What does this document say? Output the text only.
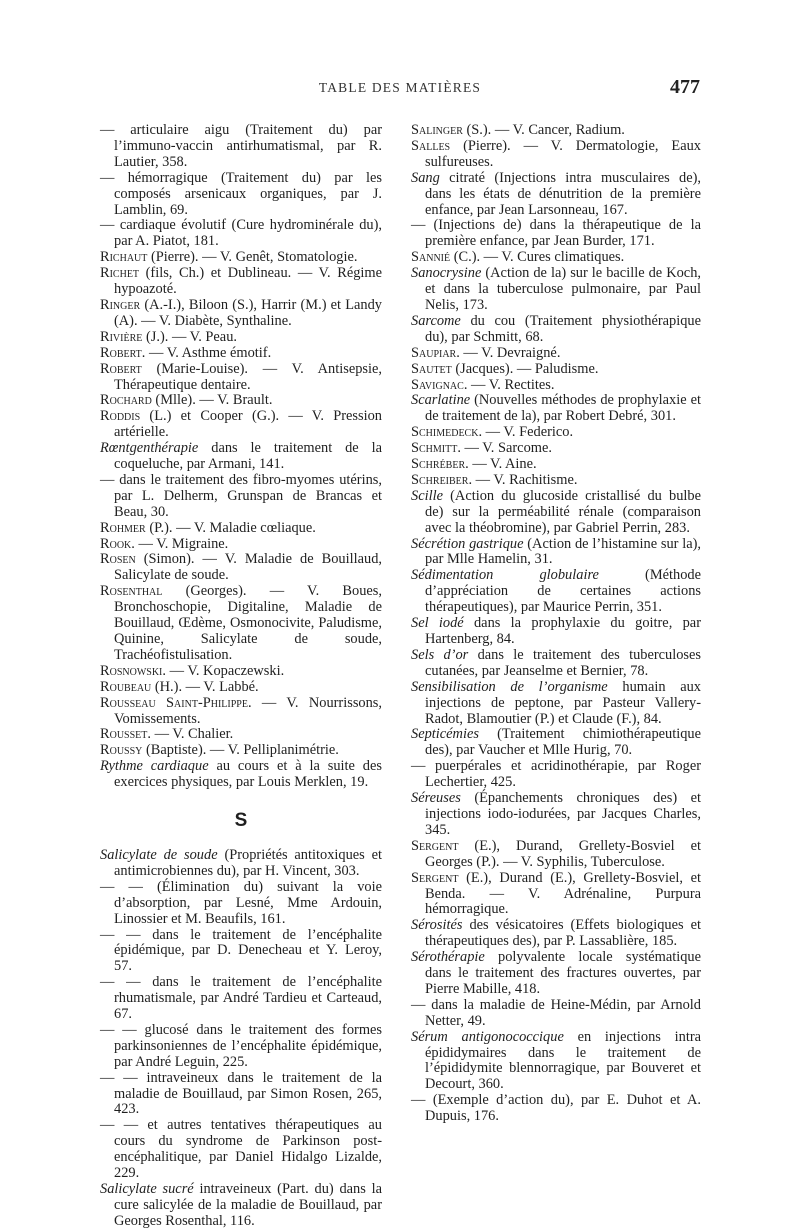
TABLE DES MATIÈRES	477

— articulaire aigu (Traitement du) par l’immuno-vaccin antirhumatismal, par R. Lautier, 358.

— hémorragique (Traitement du) par les composés arsenicaux organiques, par J. Lamblin, 69.

— cardiaque évolutif (Cure hydrominérale du), par A. Piatot, 181.

Richaut (Pierre). — V. Genêt, Stomatologie.

Richet (fils, Ch.) et Dublineau. — V. Régime hypoazoté.

Ringer (A.-I.), Biloon (S.), Harrir (M.) et Landy (A). — V. Diabète, Synthaline.

Rivière (J.). — V. Peau.

Robert. — V. Asthme émotif.

Robert (Marie-Louise). — V. Antisepsie, Thérapeutique dentaire.

Rochard (Mlle). — V. Brault.

Roddis (L.) et Cooper (G.). — V. Pression artérielle.

Rœntgenthérapie dans le traitement de la coqueluche, par Armani, 141.

— dans le traitement des fibro-myomes utérins, par L. Delherm, Grunspan de Brancas et Beau, 30.

Rohmer (P.). — V. Maladie cœliaque.

Rook. — V. Migraine.

Rosen (Simon). — V. Maladie de Bouillaud, Salicylate de soude.

Rosenthal (Georges). — V. Boues, Bronchoschopie, Digitaline, Maladie de Bouillaud, Œdème, Osmonocivite, Paludisme, Quinine, Salicylate de soude, Trachéofistulisation.

Rosnowski. — V. Kopaczewski.

Roubeau (H.). — V. Labbé.

Rousseau Saint-Philippe. — V. Nourrissons, Vomissements.

Rousset. — V. Chalier.

Roussy (Baptiste). — V. Pelliplanimétrie.

Rythme cardiaque au cours et à la suite des exercices physiques, par Louis Merklen, 19.

S

Salicylate de soude (Propriétés antitoxiques et antimicrobiennes du), par H. Vincent, 303.

— — (Élimination du) suivant la voie d’absorption, par Lesné, Mme Ardouin, Linossier et M. Beaufils, 161.

— — dans le traitement de l’encéphalite épidémique, par D. Denecheau et Y. Leroy, 57.

— — dans le traitement de l’encéphalite rhumatismale, par André Tardieu et Carteaud, 67.

— — glucosé dans le traitement des formes parkinsoniennes de l’encéphalite épidémique, par André Leguin, 225.

— — intraveineux dans le traitement de la maladie de Bouillaud, par Simon Rosen, 265, 423.

— — et autres tentatives thérapeutiques au cours du syndrome de Parkinson post-encéphalitique, par Daniel Hidalgo Lizalde, 229.

Salicylate sucré intraveineux (Part. du) dans la cure salicylée de la maladie de Bouillaud, par Georges Rosenthal, 116.

Salinger (S.). — V. Cancer, Radium.

Salles (Pierre). — V. Dermatologie, Eaux sulfureuses.

Sang citraté (Injections intra musculaires de), dans les états de dénutrition de la première enfance, par Jean Larsonneau, 167.

— (Injections de) dans la thérapeutique de la première enfance, par Jean Burder, 171.

Sannié (C.). — V. Cures climatiques.

Sanocrysine (Action de la) sur le bacille de Koch, et dans la tuberculose pulmonaire, par Paul Nelis, 173.

Sarcome du cou (Traitement physiothérapique du), par Schmitt, 68.

Saupiar. — V. Devraigné.

Sautet (Jacques). — Paludisme.

Savignac. — V. Rectites.

Scarlatine (Nouvelles méthodes de prophylaxie et de traitement de la), par Robert Debré, 301.

Schimedeck. — V. Federico.

Schmitt. — V. Sarcome.

Schréber. — V. Aine.

Schreiber. — V. Rachitisme.

Scille (Action du glucoside cristallisé du bulbe de) sur la perméabilité rénale (comparaison avec la théobromine), par Gabriel Perrin, 283.

Sécrétion gastrique (Action de l’histamine sur la), par Mlle Hamelin, 31.

Sédimentation globulaire (Méthode d’appréciation de certaines actions thérapeutiques), par Maurice Perrin, 351.

Sel iodé dans la prophylaxie du goitre, par Hartenberg, 84.

Sels d’or dans le traitement des tuberculoses cutanées, par Jeanselme et Bernier, 78.

Sensibilisation de l’organisme humain aux injections de peptone, par Pasteur Vallery-Radot, Blamoutier (P.) et Claude (F.), 84.

Septicémies (Traitement chimiothérapeutique des), par Vaucher et Mlle Hurig, 70.

— puerpérales et acridinothérapie, par Roger Lechertier, 425.

Séreuses (Épanchements chroniques des) et injections iodo-iodurées, par Jacques Charles, 345.

Sergent (E.), Durand, Grellety-Bosviel et Georges (P.). — V. Syphilis, Tuberculose.

Sergent (E.), Durand (E.), Grellety-Bosviel, et Benda. — V. Adrénaline, Purpura hémorragique.

Sérosités des vésicatoires (Effets biologiques et thérapeutiques des), par P. Lassablière, 185.

Sérothérapie polyvalente locale systématique dans le traitement des fractures ouvertes, par Pierre Mabille, 418.

— dans la maladie de Heine-Médin, par Arnold Netter, 49.

Sérum antigonococcique en injections intra épididymaires dans le traitement de l’épididymite blennorragique, par Bouveret et Decourt, 360.

— (Exemple d’action du), par E. Duhot et A. Dupuis, 176.
